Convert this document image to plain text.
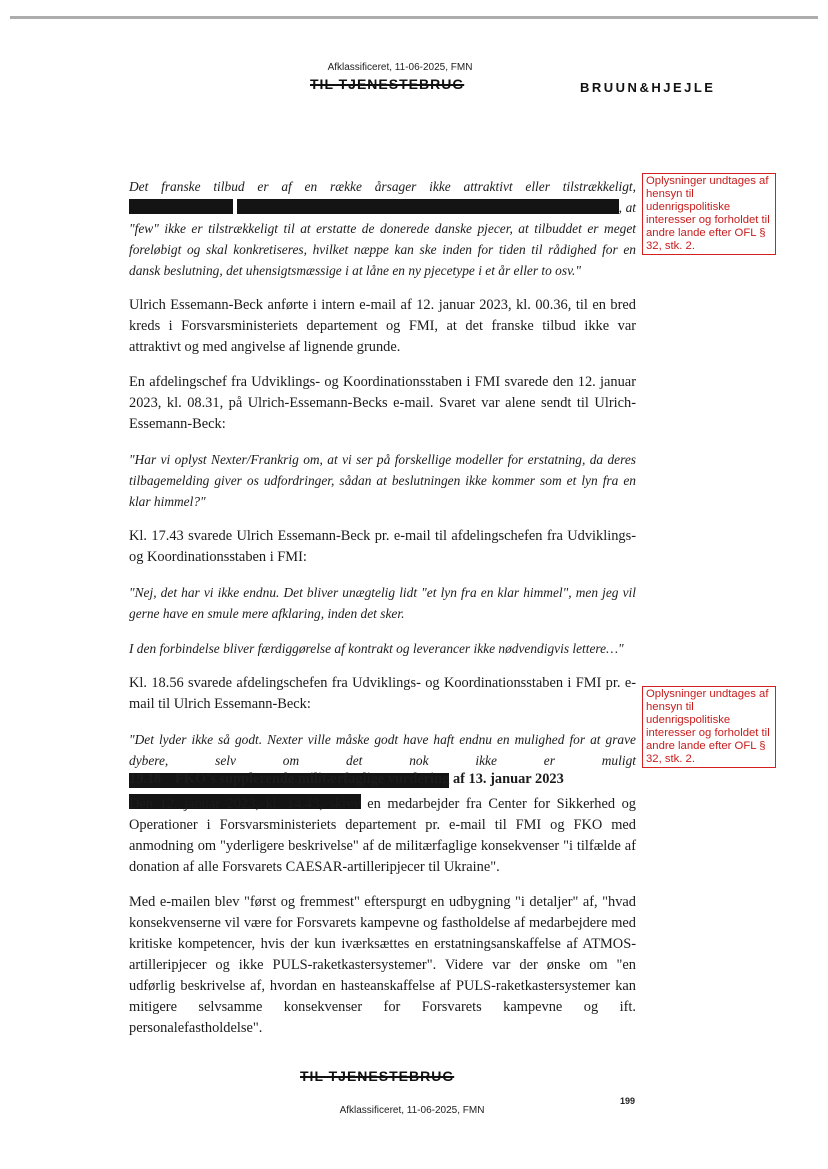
Afklassificeret, 11-06-2025, FMN
TIL TJENESTEBRUG	BRUUN&HJEJLE
Oplysninger undtages af hensyn til udenrigspolitiske interesser og forholdet til andre lande efter OFL § 32, stk. 2.
Oplysninger undtages af hensyn til udenrigspolitiske interesser og forholdet til andre lande efter OFL § 32, stk. 2.

Det franske tilbud er af en række årsager ikke attraktivt eller tilstrækkeligt,  , at "few" ikke er tilstrækkeligt til at erstatte de donerede danske pjecer, at tilbuddet er meget foreløbigt og skal konkretiseres, hvilket næppe kan ske inden for tiden til rådighed for en dansk beslutning, det uhensigtsmæssige i at låne en ny pjecetype i et år eller to osv."

Ulrich Essemann-Beck anførte i intern e-mail af 12. januar 2023, kl. 00.36, til en bred kreds i Forsvarsministeriets departement og FMI, at det franske tilbud ikke var attraktivt og med angivelse af lignende grunde.

En afdelingschef fra Udviklings- og Koordinationsstaben i FMI svarede den 12. januar 2023, kl. 08.31, på Ulrich-Essemann-Becks e-mail. Svaret var alene sendt til Ulrich-Essemann-Beck:

"Har vi oplyst Nexter/Frankrig om, at vi ser på forskellige modeller for erstatning, da deres tilbagemelding giver os udfordringer, sådan at beslutningen ikke kommer som et lyn fra en klar himmel?"

Kl. 17.43 svarede Ulrich Essemann-Beck pr. e-mail til afdelingschefen fra Udviklings- og Koordinationsstaben i FMI:

"Nej, det har vi ikke endnu. Det bliver unægtelig lidt "et lyn fra en klar himmel", men jeg vil gerne have en smule mere afklaring, inden det sker.

I den forbindelse bliver færdiggørelse af kontrakt og leverancer ikke nødvendigvis lettere…"

Kl. 18.56 svarede afdelingschefen fra Udviklings- og Koordinationsstaben i FMI pr. e-mail til Ulrich Essemann-Beck:

"Det lyder ikke så godt. Nexter ville måske godt have haft endnu en mulighed for at grave dybere, selv om det nok ikke er muligt

19.18 FKO's supplerende militærfaglige vurdering af 13. januar 2023

Den 12. januar 2023, kl. 14.43, skrev en medarbejder fra Center for Sikkerhed og Operationer i Forsvarsministeriets departement pr. e-mail til FMI og FKO med anmodning om "yderligere beskrivelse" af de militærfaglige konsekvenser "i tilfælde af donation af alle Forsvarets CAESAR-artilleripjecer til Ukraine".

Med e-mailen blev "først og fremmest" efterspurgt en udbygning "i detaljer" af, "hvad konsekvenserne vil være for Forsvarets kampevne og fastholdelse af medarbejdere med kritiske kompetencer, hvis der kun iværksættes en erstatningsanskaffelse af ATMOS-artilleripjecer og ikke PULS-raketkastersystemer". Videre var der ønske om "en udførlig beskrivelse af, hvordan en hasteanskaffelse af PULS-raketkastersystemer kan mitigere selvsamme konsekvenser for Forsvarets kampevne og ift. personalefastholdelse".

TIL TJENESTEBRUG
199
Afklassificeret, 11-06-2025, FMN
